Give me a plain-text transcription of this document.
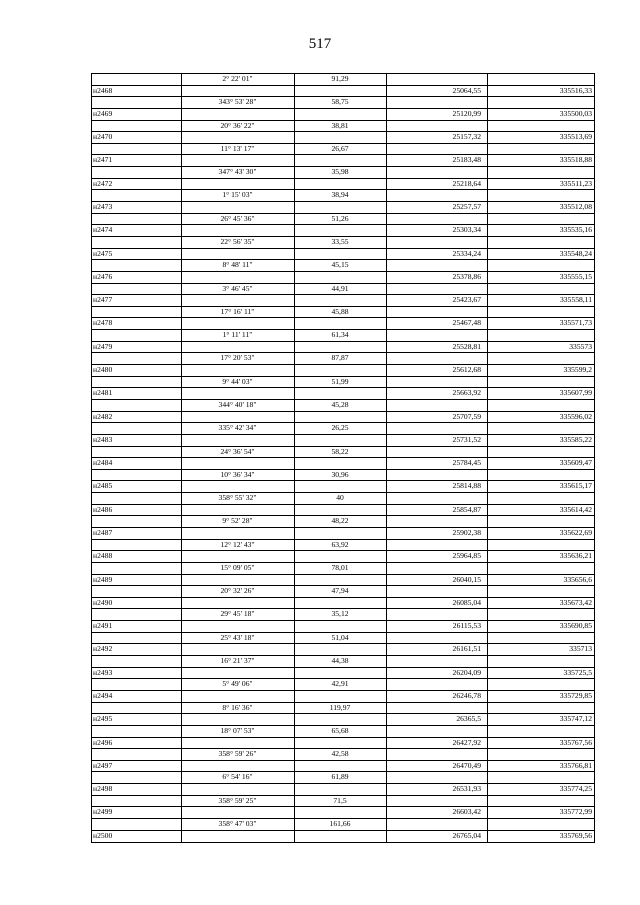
517
2° 22' 01"	91,29
н2468	25064,55	335516,33
343° 53' 28"	58,75
н2469	25120,99	335500,03
20° 36' 22"	38,81
н2470	25157,32	335513,69
11° 13' 17"	26,67
н2471	25183,48	335518,88
347° 43' 30"	35,98
н2472	25218,64	335511,23
1° 15' 03"	38,94
н2473	25257,57	335512,08
26° 45' 36"	51,26
н2474	25303,34	335535,16
22° 56' 35"	33,55
н2475	25334,24	335548,24
8° 48' 11"	45,15
н2476	25378,86	335555,15
3° 46' 45"	44,91
н2477	25423,67	335558,11
17° 16' 11"	45,88
н2478	25467,48	335571,73
1° 11' 11"	61,34
н2479	25528,81	335573
17° 20' 53"	87,87
н2480	25612,68	335599,2
9° 44' 03"	51,99
н2481	25663,92	335607,99
344° 40' 18"	45,28
н2482	25707,59	335596,02
335° 42' 34"	26,25
н2483	25731,52	335585,22
24° 36' 54"	58,22
н2484	25784,45	335609,47
10° 36' 34"	30,96
н2485	25814,88	335615,17
358° 55' 32"	40
н2486	25854,87	335614,42
9° 52' 28"	48,22
н2487	25902,38	335622,69
12° 12' 43"	63,92
н2488	25964,85	335636,21
15° 09' 05"	78,01
н2489	26040,15	335656,6
20° 32' 26"	47,94
н2490	26085,04	335673,42
29° 45' 18"	35,12
н2491	26115,53	335690,85
25° 43' 18"	51,04
н2492	26161,51	335713
16° 21' 37"	44,38
н2493	26204,09	335725,5
5° 49' 06"	42,91
н2494	26246,78	335729,85
8° 16' 36"	119,97
н2495	26365,5	335747,12
18° 07' 53"	65,68
н2496	26427,92	335767,56
358° 59' 26"	42,58
н2497	26470,49	335766,81
6° 54' 16"	61,89
н2498	26531,93	335774,25
358° 59' 25"	71,5
н2499	26603,42	335772,99
358° 47' 03"	161,66
н2500	26765,04	335769,56
